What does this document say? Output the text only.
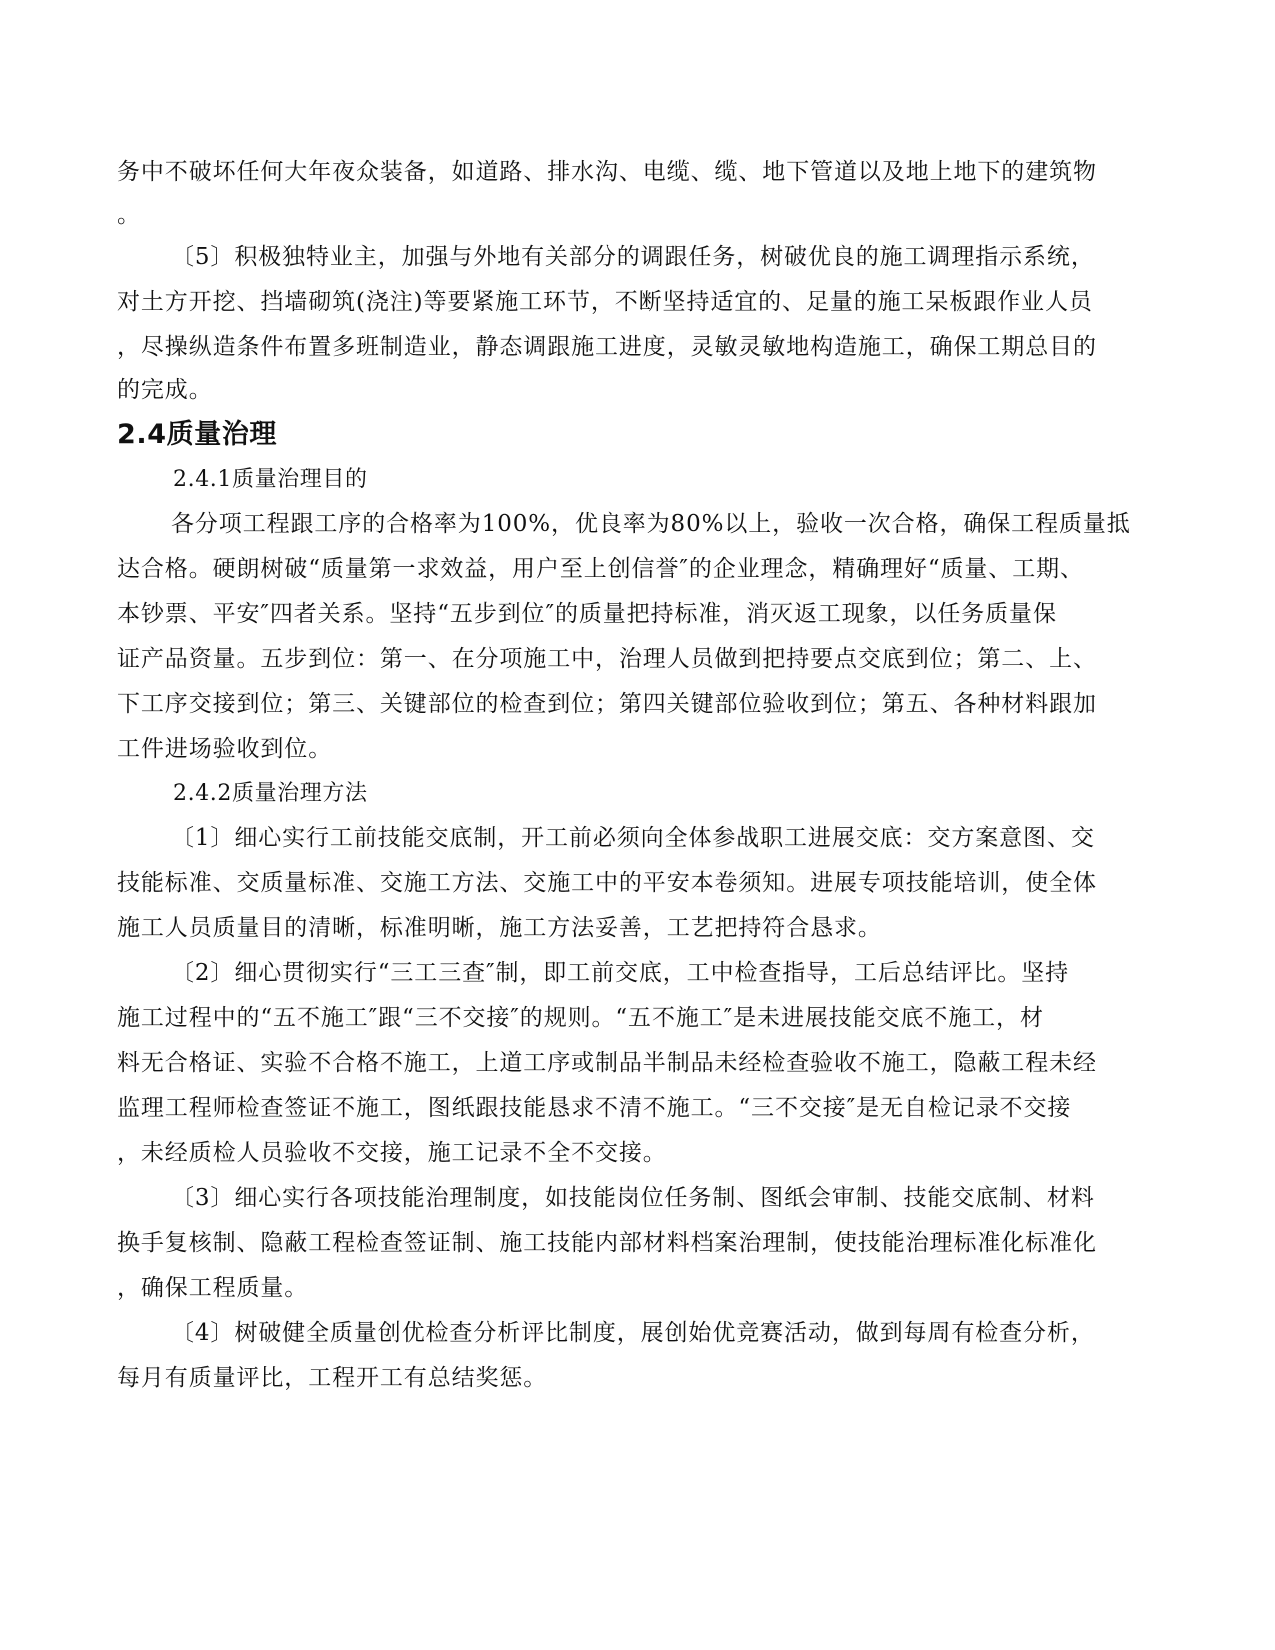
务中不破坏任何大年夜众装备，如道路、排水沟、电缆、缆、地下管道以及地上地下的建筑物
。
〔5〕积极独特业主，加强与外地有关部分的调跟任务，树破优良的施工调理指示系统，
对土方开挖、挡墙砌筑(浇注)等要紧施工环节，不断坚持适宜的、足量的施工呆板跟作业人员
，尽操纵造条件布置多班制造业，静态调跟施工进度，灵敏灵敏地构造施工，确保工期总目的
的完成。
2.4质量治理
2.4.1质量治理目的
各分项工程跟工序的合格率为100%，优良率为80%以上，验收一次合格，确保工程质量抵
达合格。硬朗树破“质量第一求效益，用户至上创信誉″的企业理念，精确理好“质量、工期、
本钞票、平安″四者关系。坚持“五步到位″的质量把持标准，消灭返工现象，以任务质量保
证产品资量。五步到位：第一、在分项施工中，治理人员做到把持要点交底到位；第二、上、
下工序交接到位；第三、关键部位的检查到位；第四关键部位验收到位；第五、各种材料跟加
工件进场验收到位。
2.4.2质量治理方法
〔1〕细心实行工前技能交底制，开工前必须向全体参战职工进展交底：交方案意图、交
技能标准、交质量标准、交施工方法、交施工中的平安本卷须知。进展专项技能培训，使全体
施工人员质量目的清晰，标准明晰，施工方法妥善，工艺把持符合恳求。
〔2〕细心贯彻实行“三工三查″制，即工前交底，工中检查指导，工后总结评比。坚持
施工过程中的“五不施工″跟“三不交接″的规则。“五不施工″是未进展技能交底不施工，材
料无合格证、实验不合格不施工，上道工序或制品半制品未经检查验收不施工，隐蔽工程未经
监理工程师检查签证不施工，图纸跟技能恳求不清不施工。“三不交接″是无自检记录不交接
，未经质检人员验收不交接，施工记录不全不交接。
〔3〕细心实行各项技能治理制度，如技能岗位任务制、图纸会审制、技能交底制、材料
换手复核制、隐蔽工程检查签证制、施工技能内部材料档案治理制，使技能治理标准化标准化
，确保工程质量。
〔4〕树破健全质量创优检查分析评比制度，展创始优竞赛活动，做到每周有检查分析，
每月有质量评比，工程开工有总结奖惩。
